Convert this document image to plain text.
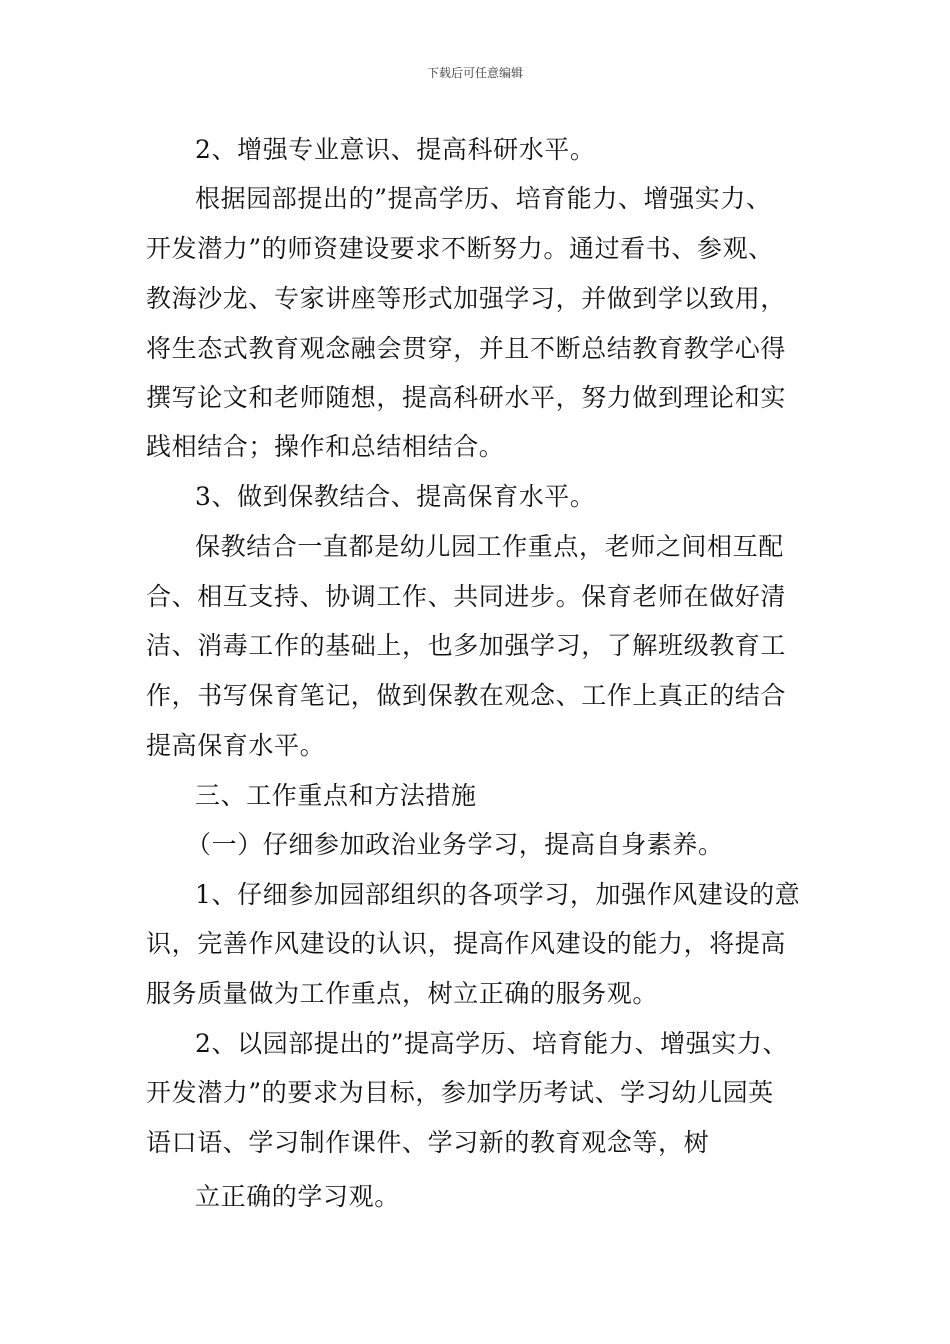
下载后可任意编辑
2、增强专业意识、提高科研水平。
根据园部提出的”提高学历、培育能力、增强实力、
开发潜力”的师资建设要求不断努力。通过看书、参观、
教海沙龙、专家讲座等形式加强学习，并做到学以致用，
将生态式教育观念融会贯穿，并且不断总结教育教学心得
撰写论文和老师随想，提高科研水平，努力做到理论和实
践相结合；操作和总结相结合。
3、做到保教结合、提高保育水平。
保教结合一直都是幼儿园工作重点，老师之间相互配
合、相互支持、协调工作、共同进步。保育老师在做好清
洁、消毒工作的基础上，也多加强学习，了解班级教育工
作，书写保育笔记，做到保教在观念、工作上真正的结合
提高保育水平。
三、工作重点和方法措施
（一）仔细参加政治业务学习，提高自身素养。
1、仔细参加园部组织的各项学习，加强作风建设的意
识，完善作风建设的认识，提高作风建设的能力，将提高
服务质量做为工作重点，树立正确的服务观。
2、以园部提出的”提高学历、培育能力、增强实力、
开发潜力”的要求为目标，参加学历考试、学习幼儿园英
语口语、学习制作课件、学习新的教育观念等，树
立正确的学习观。
